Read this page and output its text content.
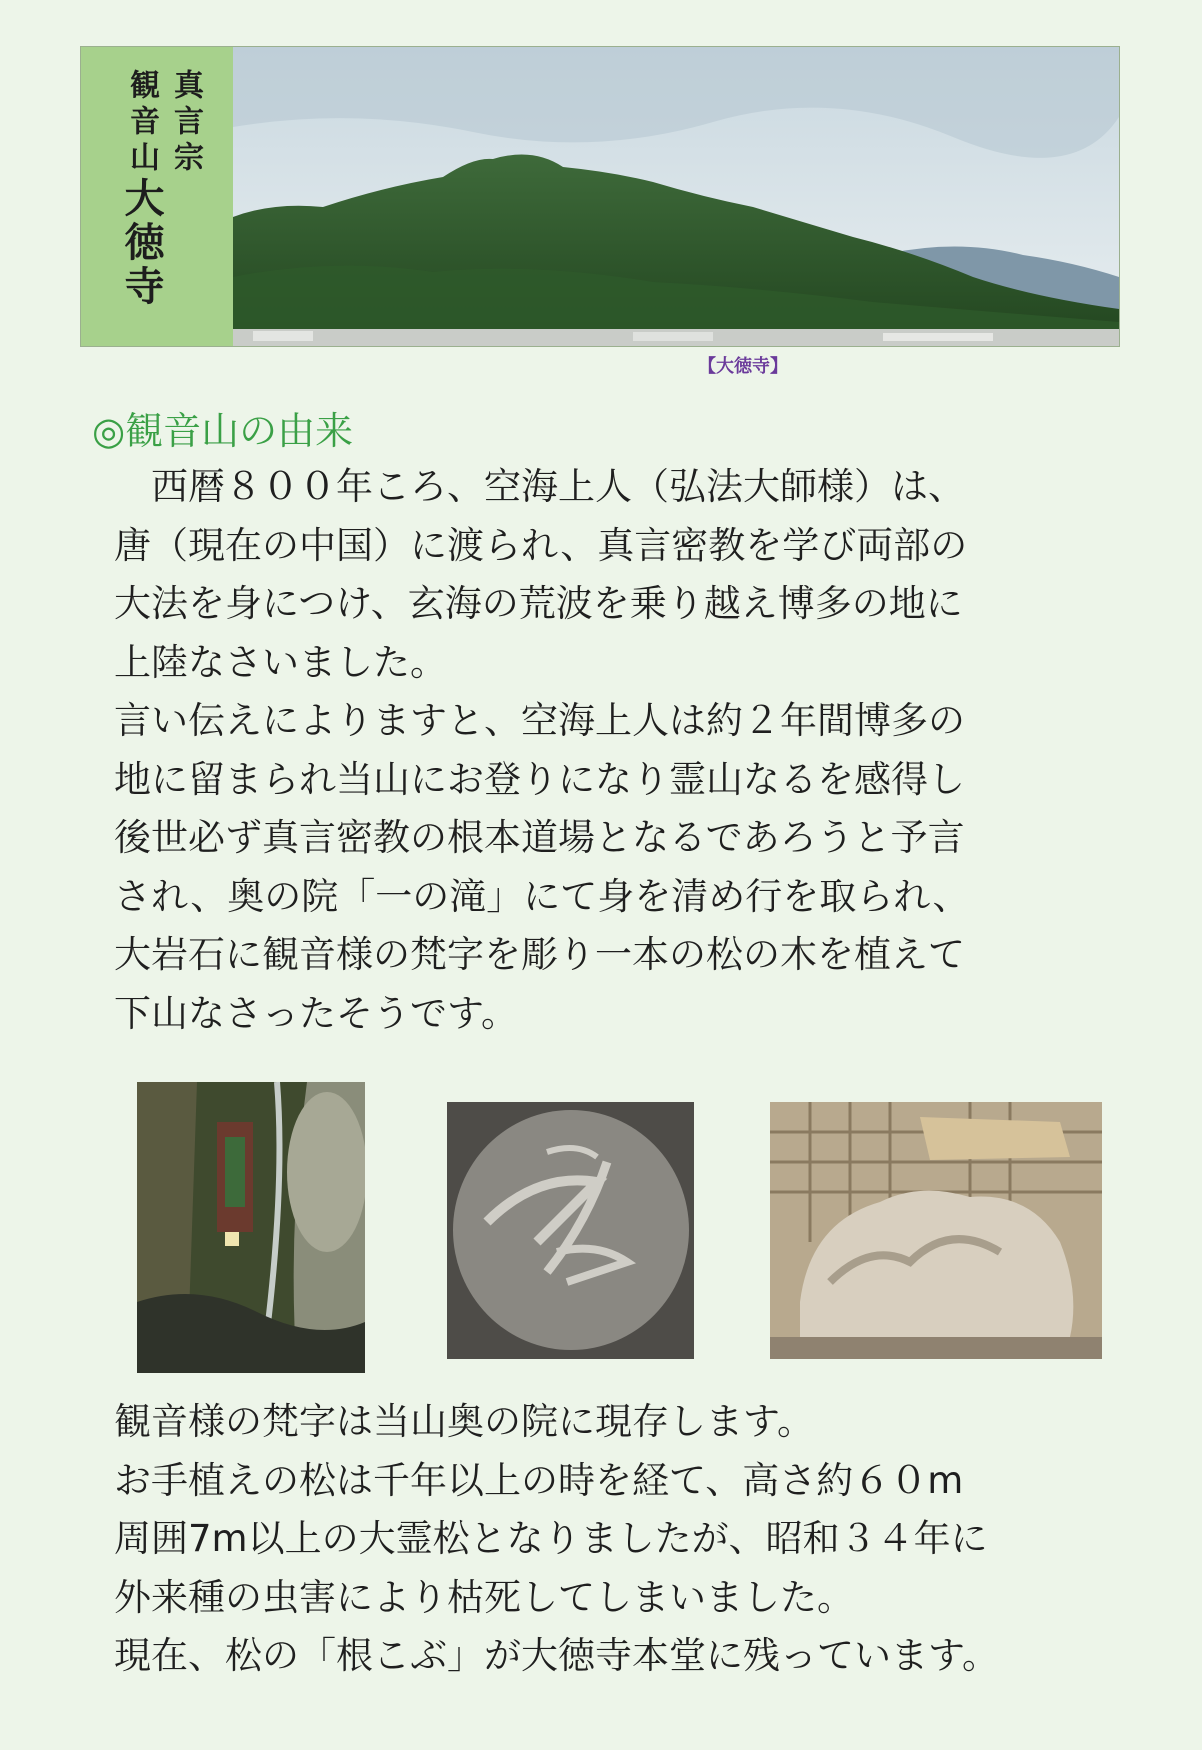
真言宗
観音山大徳寺
【大徳寺】
◎観音山の由来
　西暦８００年ころ、空海上人（弘法大師様）は、
唐（現在の中国）に渡られ、真言密教を学び両部の
大法を身につけ、玄海の荒波を乗り越え博多の地に
上陸なさいました。
言い伝えによりますと、空海上人は約２年間博多の
地に留まられ当山にお登りになり霊山なるを感得し
後世必ず真言密教の根本道場となるであろうと予言
され、奥の院「一の滝」にて身を清め行を取られ、
大岩石に観音様の梵字を彫り一本の松の木を植えて
下山なさったそうです。
観音様の梵字は当山奥の院に現存します。
お手植えの松は千年以上の時を経て、高さ約６０m
周囲7m以上の大霊松となりましたが、昭和３４年に
外来種の虫害により枯死してしまいました。
現在、松の「根こぶ」が大徳寺本堂に残っています。
